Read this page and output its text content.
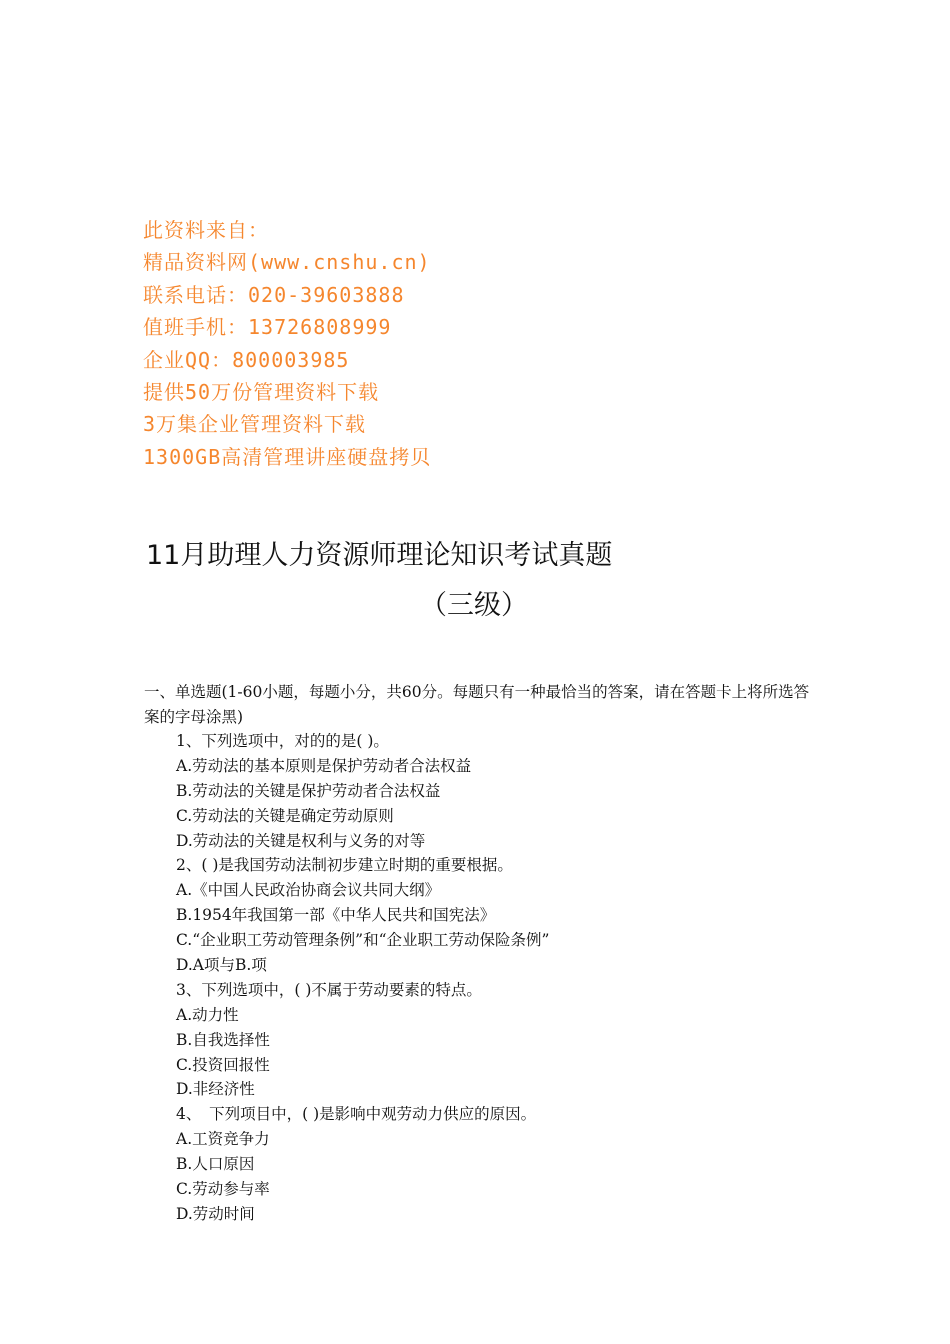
此资料来自：
精品资料网(www.cnshu.cn)
联系电话：020-39603888
值班手机：13726808999
企业QQ：800003985
提供50万份管理资料下载
3万集企业管理资料下载
1300GB高清管理讲座硬盘拷贝
11月助理人力资源师理论知识考试真题
（三级）
一、单选题(1-60小题，每题小分，共60分。每题只有一种最恰当的答案，请在答题卡上将所选答案的字母涂黑)
1、下列选项中，对的的是( )。
A.劳动法的基本原则是保护劳动者合法权益
B.劳动法的关键是保护劳动者合法权益
C.劳动法的关键是确定劳动原则
D.劳动法的关键是权利与义务的对等
2、( )是我国劳动法制初步建立时期的重要根据。
A.《中国人民政治协商会议共同大纲》
B.1954年我国第一部《中华人民共和国宪法》
C.“企业职工劳动管理条例”和“企业职工劳动保险条例”
D.A项与B.项
3、下列选项中，( )不属于劳动要素的特点。
A.动力性
B.自我选择性
C.投资回报性
D.非经济性
4、　下列项目中，( )是影响中观劳动力供应的原因。
A.工资竞争力
B.人口原因
C.劳动参与率
D.劳动时间
